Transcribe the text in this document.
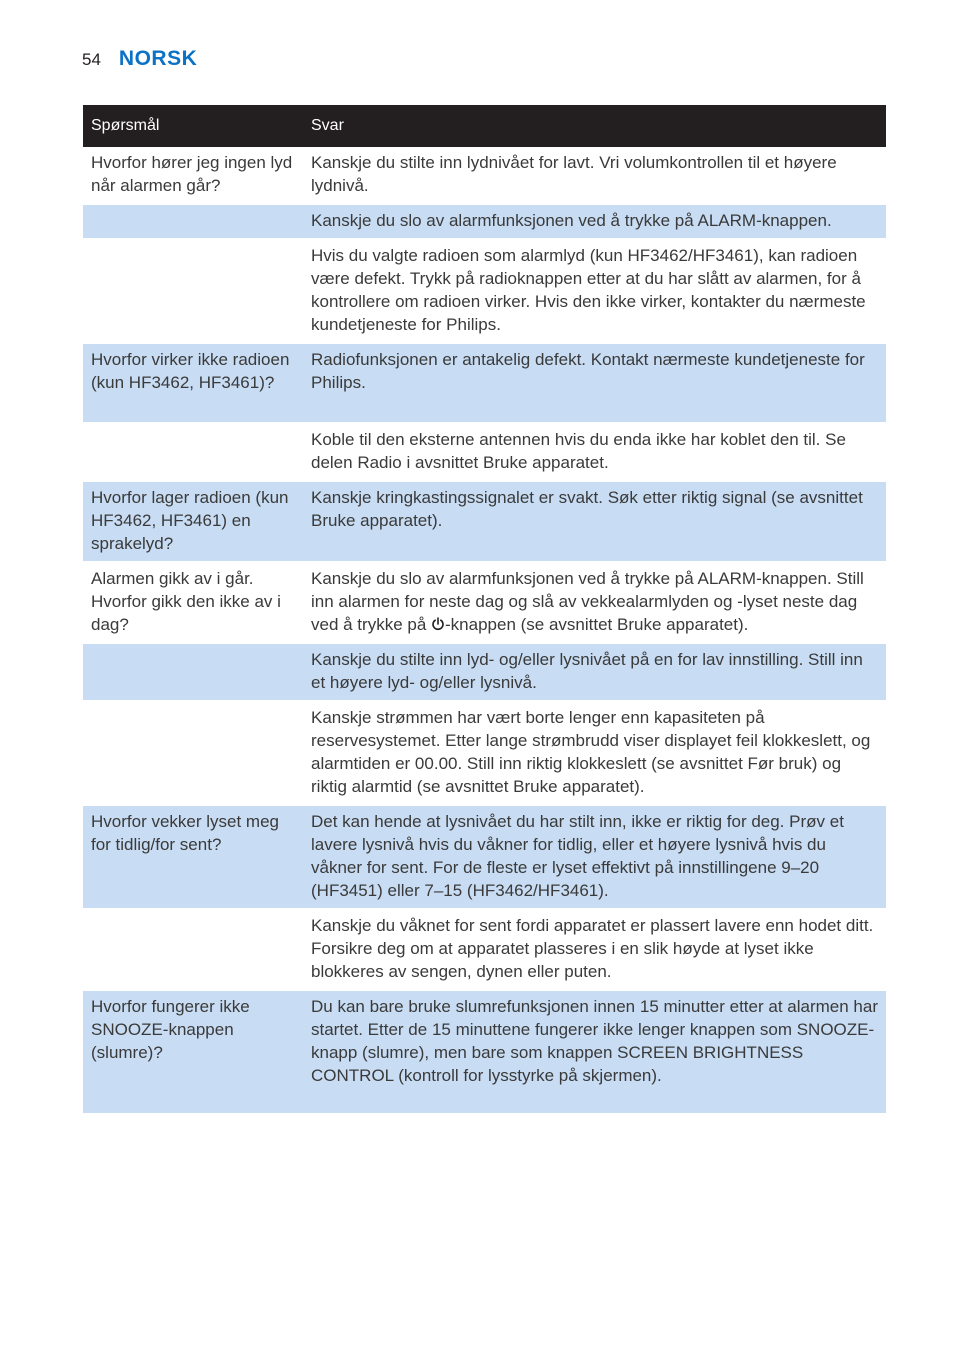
54 NORSK
Spørsmål	Svar
Hvorfor hører jeg ingen lyd når alarmen går?	Kanskje du stilte inn lydnivået for lavt. Vri volumkontrollen til et høyere lydnivå.
	Kanskje du slo av alarmfunksjonen ved å trykke på ALARM-knappen.
	Hvis du valgte radioen som alarmlyd (kun HF3462/HF3461), kan radioen være defekt. Trykk på radioknappen etter at du har slått av alarmen, for å kontrollere om radioen virker. Hvis den ikke virker, kontakter du nærmeste kundetjeneste for Philips.
Hvorfor virker ikke radioen (kun HF3462, HF3461)?	Radiofunksjonen er antakelig defekt. Kontakt nærmeste kundetjeneste for Philips.
	Koble til den eksterne antennen hvis du enda ikke har koblet den til. Se delen Radio i avsnittet Bruke apparatet.
Hvorfor lager radioen (kun HF3462, HF3461) en sprakelyd?	Kanskje kringkastingssignalet er svakt. Søk etter riktig signal (se avsnittet Bruke apparatet).
Alarmen gikk av i går. Hvorfor gikk den ikke av i dag?	Kanskje du slo av alarmfunksjonen ved å trykke på ALARM-knappen. Still inn alarmen for neste dag og slå av vekkealarmlyden og -lyset neste dag ved å trykke på -knappen (se avsnittet Bruke apparatet).
	Kanskje du stilte inn lyd- og/eller lysnivået på en for lav innstilling. Still inn et høyere lyd- og/eller lysnivå.
	Kanskje strømmen har vært borte lenger enn kapasiteten på reservesystemet. Etter lange strømbrudd viser displayet feil klokkeslett, og alarmtiden er 00.00. Still inn riktig klokkeslett (se avsnittet Før bruk) og riktig alarmtid (se avsnittet Bruke apparatet).
Hvorfor vekker lyset meg for tidlig/for sent?	Det kan hende at lysnivået du har stilt inn, ikke er riktig for deg. Prøv et lavere lysnivå hvis du våkner for tidlig, eller et høyere lysnivå hvis du våkner for sent. For de fleste er lyset effektivt på innstillingene 9–20 (HF3451) eller 7–15 (HF3462/HF3461).
	Kanskje du våknet for sent fordi apparatet er plassert lavere enn hodet ditt. Forsikre deg om at apparatet plasseres i en slik høyde at lyset ikke blokkeres av sengen, dynen eller puten.
Hvorfor fungerer ikke SNOOZE-knappen (slumre)?	Du kan bare bruke slumrefunksjonen innen 15 minutter etter at alarmen har startet. Etter de 15 minuttene fungerer ikke lenger knappen som SNOOZE-knapp (slumre), men bare som knappen SCREEN BRIGHTNESS CONTROL (kontroll for lysstyrke på skjermen).
